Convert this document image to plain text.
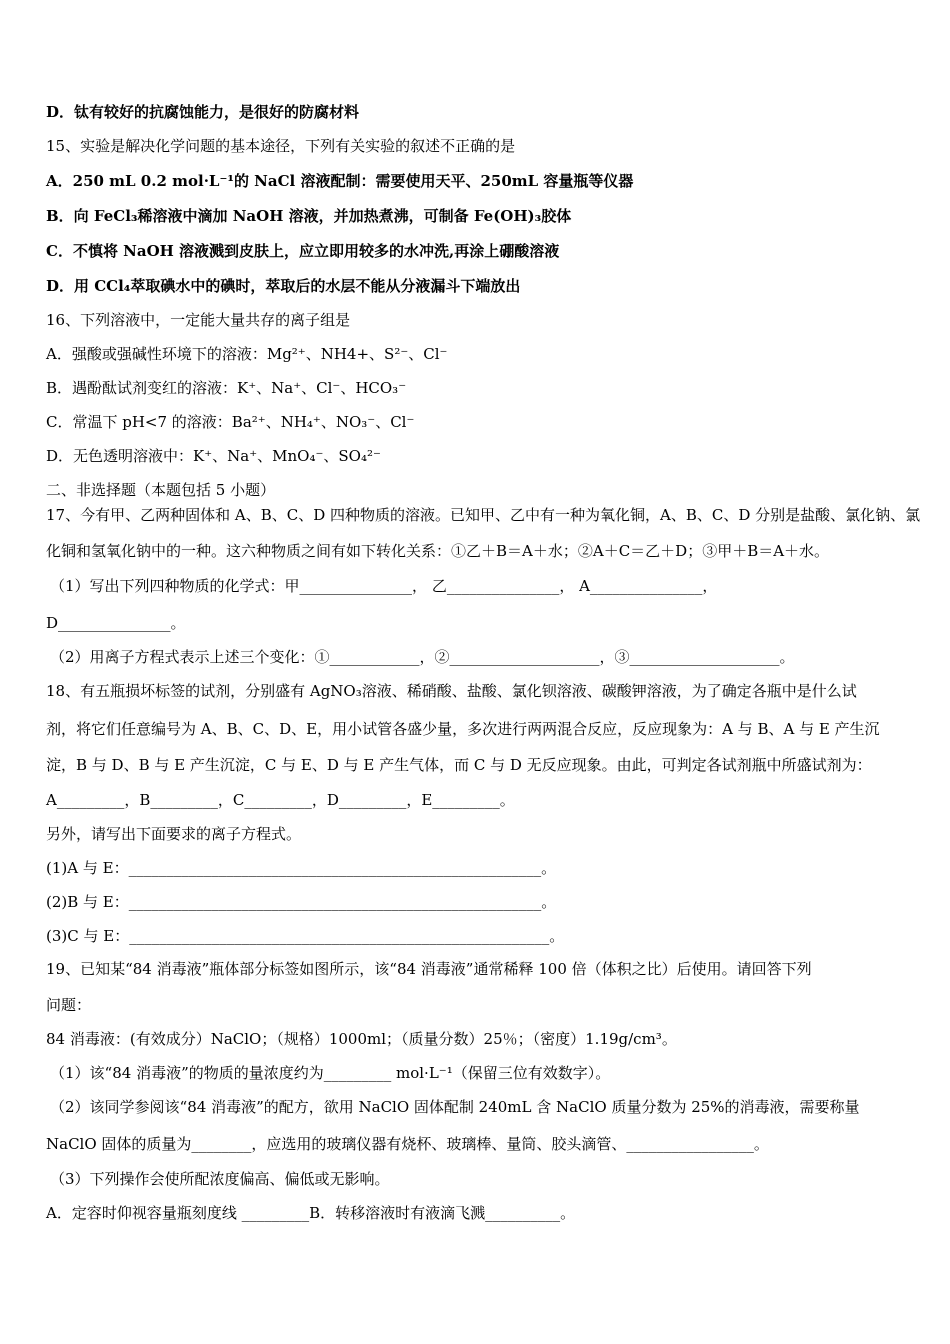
D．钛有较好的抗腐蚀能力，是很好的防腐材料
15、实验是解决化学问题的基本途径，下列有关实验的叙述不正确的是
A．250 mL 0.2 mol·L⁻¹的 NaCl 溶液配制：需要使用天平、250mL 容量瓶等仪器
B．向 FeCl₃稀溶液中滴加 NaOH 溶液，并加热煮沸，可制备 Fe(OH)₃胶体
C．不慎将 NaOH 溶液溅到皮肤上，应立即用较多的水冲洗,再涂上硼酸溶液
D．用 CCl₄萃取碘水中的碘时，萃取后的水层不能从分液漏斗下端放出
16、下列溶液中，一定能大量共存的离子组是
A．强酸或强碱性环境下的溶液：Mg²⁺、NH4+、S²⁻、Cl⁻
B．遇酚酞试剂变红的溶液：K⁺、Na⁺、Cl⁻、HCO₃⁻
C．常温下 pH<7 的溶液：Ba²⁺、NH₄⁺、NO₃⁻、Cl⁻
D．无色透明溶液中：K⁺、Na⁺、MnO₄⁻、SO₄²⁻
二、非选择题（本题包括 5 小题）
17、今有甲、乙两种固体和 A、B、C、D 四种物质的溶液。已知甲、乙中有一种为氧化铜，A、B、C、D 分别是盐酸、氯化钠、氯
化铜和氢氧化钠中的一种。这六种物质之间有如下转化关系：①乙＋B＝A＋水；②A＋C＝乙＋D；③甲＋B＝A＋水。
（1）写出下列四种物质的化学式：甲_______________， 乙_______________， A_______________，
D_______________。
（2）用离子方程式表示上述三个变化：①____________，②____________________，③____________________。
18、有五瓶损坏标签的试剂，分别盛有 AgNO₃溶液、稀硝酸、盐酸、氯化钡溶液、碳酸钾溶液，为了确定各瓶中是什么试
剂，将它们任意编号为 A、B、C、D、E，用小试管各盛少量，多次进行两两混合反应，反应现象为：A 与 B、A 与 E 产生沉
淀，B 与 D、B 与 E 产生沉淀，C 与 E、D 与 E 产生气体，而 C 与 D 无反应现象。由此，可判定各试剂瓶中所盛试剂为：
A_________，B_________，C_________，D_________，E_________。
另外，请写出下面要求的离子方程式。
(1)A 与 E：_______________________________________________________。
(2)B 与 E：_______________________________________________________。
(3)C 与 E：________________________________________________________。
19、已知某“84 消毒液”瓶体部分标签如图所示，该“84 消毒液”通常稀释 100 倍（体积之比）后使用。请回答下列
问题：
84 消毒液：(有效成分）NaClO；（规格）1000ml；（质量分数）25％；（密度）1.19g/cm³。
（1）该“84 消毒液”的物质的量浓度约为_________ mol·L⁻¹（保留三位有效数字）。
（2）该同学参阅该“84 消毒液”的配方，欲用 NaClO 固体配制 240mL 含 NaClO 质量分数为 25%的消毒液，需要称量
NaClO 固体的质量为________，应选用的玻璃仪器有烧杯、玻璃棒、量筒、胶头滴管、_________________。
（3）下列操作会使所配浓度偏高、偏低或无影响。
A．定容时仰视容量瓶刻度线 _________B．转移溶液时有液滴飞溅__________。
